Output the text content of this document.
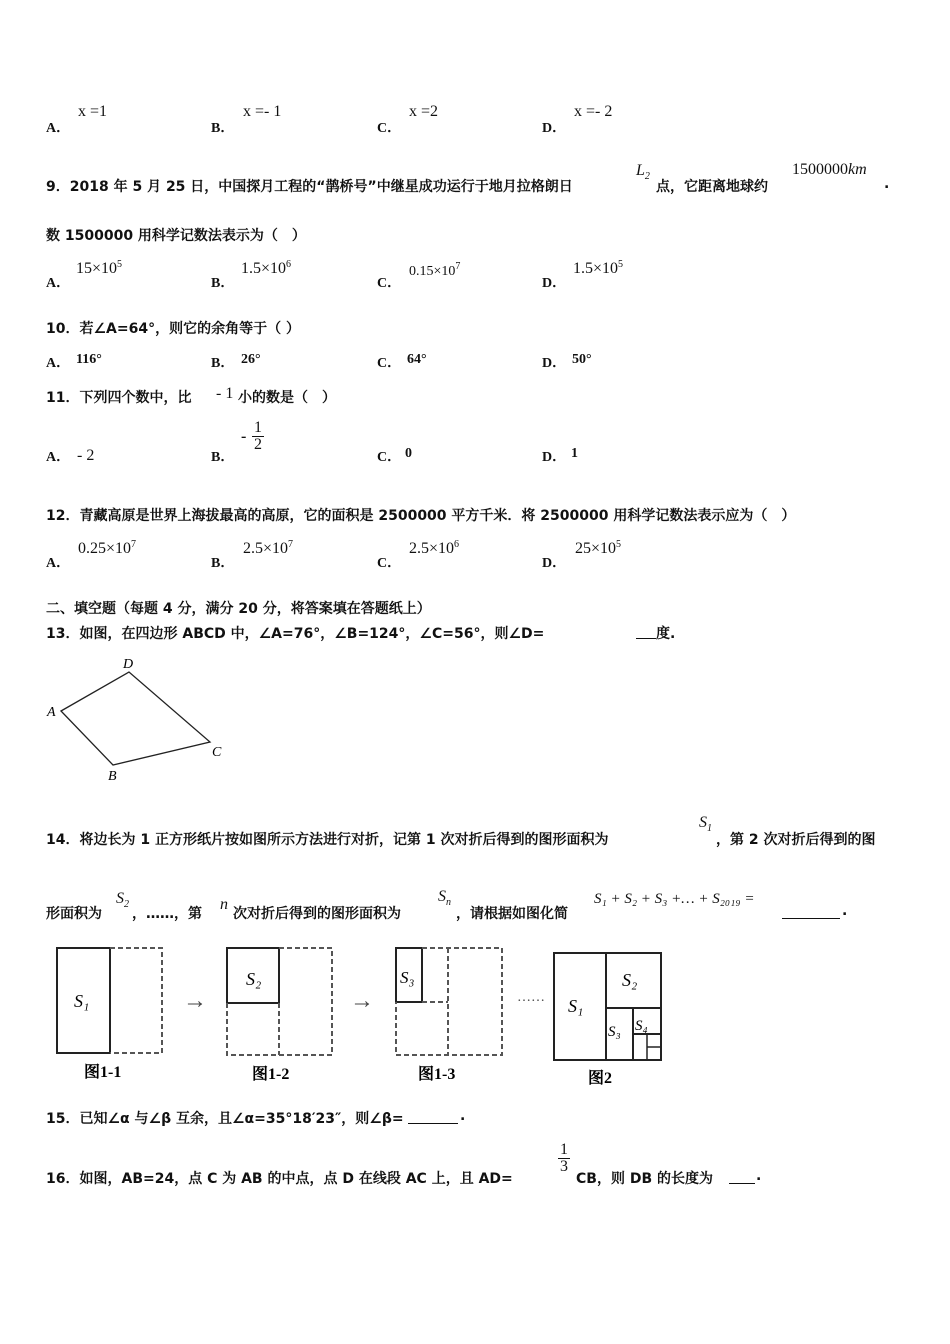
A．
x =1
B．
x =- 1
C．
x =2
D．
x =- 2
9．2018 年 5 月 25 日，中国探月工程的“鹊桥号”中继星成功运行于地月拉格朗日
$L_2$
点，它距离地球约
1500000km
.
数 1500000 用科学记数法表示为（　）
A．
$15\times 10^5$
B．
$1.5\times 10^6$
C．
$0.15\times 10^7$
D．
$1.5\times 10^5$
10．若∠A=64°，则它的余角等于（ ）
A． 116°	B． 26°	C． 64°	D． 50°
11．下列四个数中，比 - 1 小的数是（　）
A． - 2	B．
- $\frac{1}{2}$
C． 0	D． 1
12．青藏高原是世界上海拔最高的高原，它的面积是 2500000 平方千米．将 2500000 用科学记数法表示应为（　）
A．
$0.25\times 10^7$
B．
$2.5\times 10^7$
C．
$2.5\times 10^6$
D．
$25\times 10^5$
二、填空题（每题 4 分，满分 20 分，将答案填在答题纸上）
13．如图，在四边形 ABCD 中，∠A=76°，∠B=124°，∠C=56°，则∠D=	度.
A
D
C
B
14．将边长为 1 正方形纸片按如图所示方法进行对折，记第 1 次对折后得到的图形面积为
$S_1$
，第 2 次对折后得到的图
形面积为
$S_2$
，……，第
n
次对折后得到的图形面积为
$S_n$
，请根据如图化简
S₁ + S₂ + S₃ +… + S₂₀₁₉ =
.
S₁
图1-1
→
S₂
图1-2
→
S₃
图1-3
…… S₁
S₂
S₃ S₄
图2
15．已知∠α 与∠β 互余，且∠α=35°18′23″，则∠β=	.
16．如图，AB=24，点 C 为 AB 的中点，点 D 在线段 AC 上，且 AD=
$\frac{1}{3}$
CB，则 DB 的长度为	.
